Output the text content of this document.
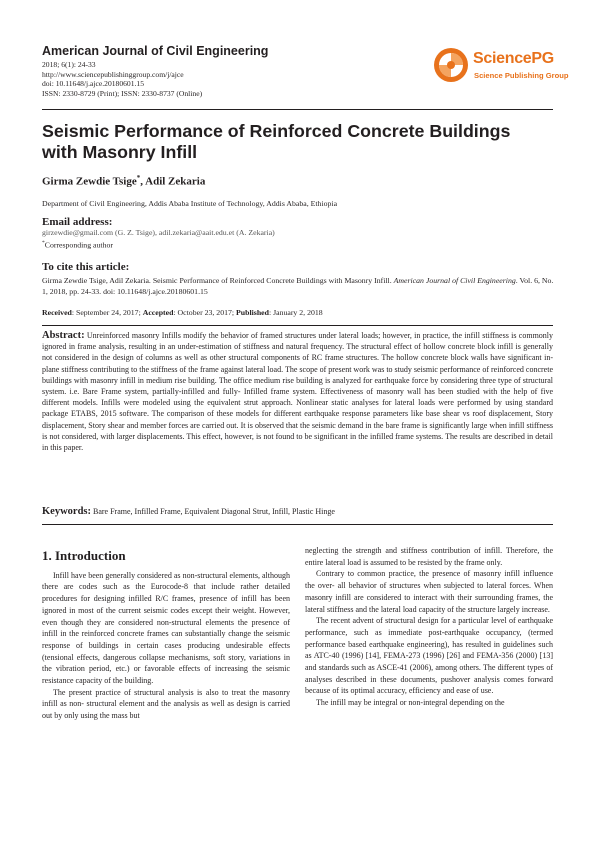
American Journal of Civil Engineering
2018; 6(1): 24-33
http://www.sciencepublishinggroup.com/j/ajce
doi: 10.11648/j.ajce.20180601.15
ISSN: 2330-8729 (Print); ISSN: 2330-8737 (Online)
SciencePG
Science Publishing Group
Seismic Performance of Reinforced Concrete Buildings with Masonry Infill
Girma Zewdie Tsige*, Adil Zekaria
Department of Civil Engineering, Addis Ababa Institute of Technology, Addis Ababa, Ethiopia
Email address:
girzewdie@gmail.com (G. Z. Tsige), adil.zekaria@aait.edu.et (A. Zekaria)
*Corresponding author
To cite this article:
Girma Zewdie Tsige, Adil Zekaria. Seismic Performance of Reinforced Concrete Buildings with Masonry Infill. American Journal of Civil Engineering. Vol. 6, No. 1, 2018, pp. 24-33. doi: 10.11648/j.ajce.20180601.15
Received: September 24, 2017; Accepted: October 23, 2017; Published: January 2, 2018
Abstract: Unreinforced masonry Infills modify the behavior of framed structures under lateral loads; however, in practice, the infill stiffness is commonly ignored in frame analysis, resulting in an under-estimation of stiffness and natural frequency. The structural effect of hollow concrete block infill is generally not considered in the design of columns as well as other structural components of RC frame structures. The hollow concrete block walls have significant in-plane stiffness contributing to the stiffness of the frame against lateral load. The scope of present work was to study seismic performance of reinforced concrete buildings with masonry infill in medium rise building. The office medium rise building is analyzed for earthquake force by considering three type of structural system. i.e. Bare Frame system, partially-infilled and fully- Infilled frame system. Effectiveness of masonry wall has been studied with the help of five different models. Infills were modeled using the equivalent strut approach. Nonlinear static analyses for lateral loads were performed by using standard package ETABS, 2015 software. The comparison of these models for different earthquake response parameters like base shear vs roof displacement, Story displacement, Story shear and member forces are carried out. It is observed that the seismic demand in the bare frame is significantly large when infill stiffness is not considered, with larger displacements. This effect, however, is not found to be significant in the infilled frame systems. The results are described in detail in this paper.
Keywords: Bare Frame, Infilled Frame, Equivalent Diagonal Strut, Infill, Plastic Hinge
1. Introduction

Infill have been generally considered as non-structural elements, although there are codes such as the Eurocode-8 that include rather detailed procedures for designing infilled R/C frames, presence of infill has been ignored in most of the current seismic codes except their weight. However, even though they are considered non-structural elements the presence of infill in the reinforced concrete frames can substantially change the seismic response of buildings in certain cases producing undesirable effects (tensional effects, dangerous collapse mechanisms, soft story, variations in the vibration period, etc.) or favorable effects of increasing the seismic resistance capacity of the building.

The present practice of structural analysis is also to treat the masonry infill as non- structural element and the analysis as well as design is carried out by only using the mass but

neglecting the strength and stiffness contribution of infill. Therefore, the entire lateral load is assumed to be resisted by the frame only.

Contrary to common practice, the presence of masonry infill influence the over- all behavior of structures when subjected to lateral forces. When masonry infill are considered to interact with their surrounding frames, the lateral stiffness and the lateral load capacity of the structure largely increase.

The recent advent of structural design for a particular level of earthquake performance, such as immediate post-earthquake occupancy, (termed performance based earthquake engineering), has resulted in guidelines such as ATC-40 (1996) [14], FEMA-273 (1996) [26] and FEMA-356 (2000) [13] and standards such as ASCE-41 (2006), among others. The different types of analyses described in these documents, pushover analysis comes forward because of its optimal accuracy, efficiency and ease of use.

The infill may be integral or non-integral depending on the
